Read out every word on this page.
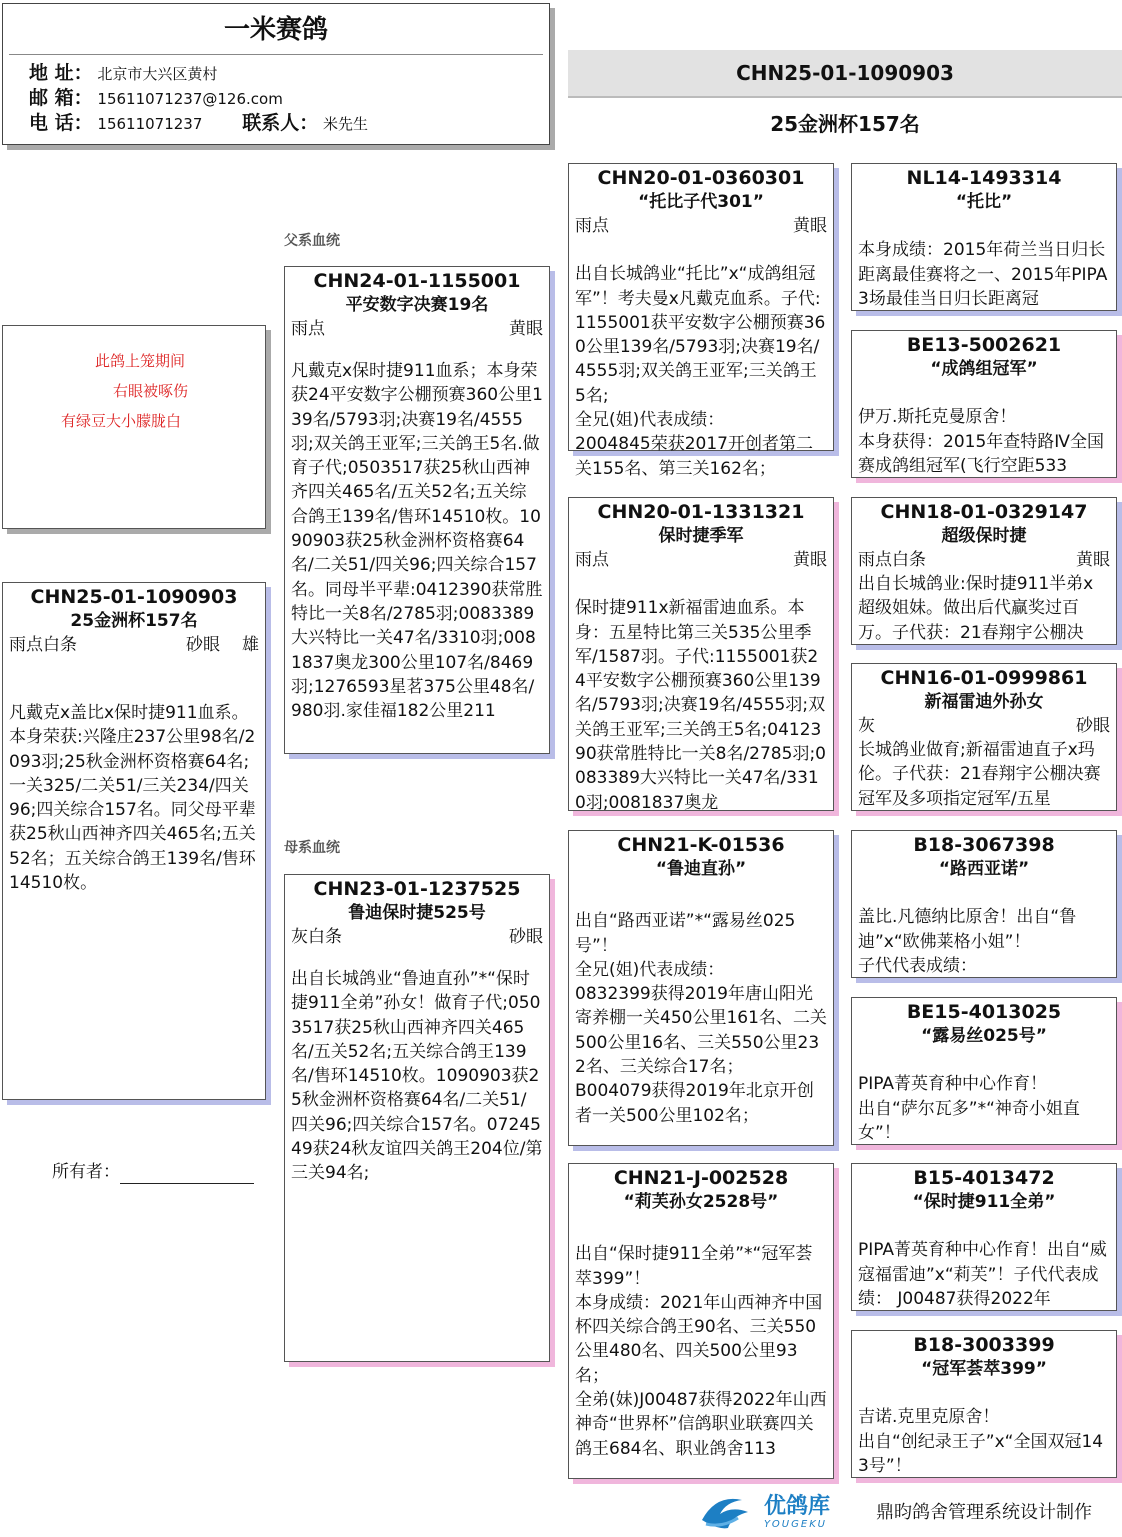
一米赛鸽
地 址： 北京市大兴区黄村
邮 箱： 15611071237@126.com
电 话： 15611071237 联系人： 米先生
CHN25-01-1090903
25金洲杯157名
此鸽上笼期间
右眼被啄伤
有绿豆大小朦胧白
CHN25-01-1090903
25金洲杯157名
雨点白条	砂眼 雄
凡戴克x盖比x保时捷911血系。本身荣获:兴隆庄237公里98名/2093羽;25秋金洲杯资格赛64名;一关325/二关51/三关234/四关96;四关综合157名。同父母平辈获25秋山西神齐四关465名;五关52名；五关综合鸽王139名/售环14510枚。
所有者：
父系血统
母系血统
CHN24-01-1155001
平安数字决赛19名
雨点	黄眼
凡戴克x保时捷911血系；本身荣获24平安数字公棚预赛360公里139名/5793羽;决赛19名/4555羽;双关鸽王亚军;三关鸽王5名.做育子代;0503517获25秋山西神齐四关465名/五关52名;五关综合鸽王139名/售环14510枚。1090903获25秋金洲杯资格赛64名/二关51/四关96;四关综合157名。同母半平辈:0412390获常胜特比一关8名/2785羽;0083389大兴特比一关47名/3310羽;0081837奥龙300公里107名/8469羽;1276593星茗375公里48名/980羽.家佳福182公里211
CHN23-01-1237525
鲁迪保时捷525号
灰白条	砂眼
出自长城鸽业“鲁迪直孙”*“保时捷911全弟”孙女！做育子代;0503517获25秋山西神齐四关465名/五关52名;五关综合鸽王139名/售环14510枚。1090903获25秋金洲杯资格赛64名/二关51/四关96;四关综合157名。0724549获24秋友谊四关鸽王204位/第三关94名;
CHN20-01-0360301
“托比子代301”
雨点	黄眼

出自长城鸽业“托比”x“成鸽组冠军”！考夫曼x凡戴克血系。子代:1155001获平安数字公棚预赛360公里139名/5793羽;决赛19名/4555羽;双关鸽王亚军;三关鸽王5名;
全兄(姐)代表成绩：
2004845荣获2017开创者第二关155名、第三关162名；
CHN20-01-1331321
保时捷季军
雨点	黄眼

保时捷911x新福雷迪血系。本身：五星特比第三关535公里季军/1587羽。子代:1155001获24平安数字公棚预赛360公里139名/5793羽;决赛19名/4555羽;双关鸽王亚军;三关鸽王5名;0412390获常胜特比一关8名/2785羽;0083389大兴特比一关47名/3310羽;0081837奥龙
CHN21-K-01536
“鲁迪直孙”

出自“路西亚诺”*“露易丝025号”！
全兄(姐)代表成绩：
0832399获得2019年唐山阳光寄养棚一关450公里161名、二关500公里16名、三关550公里232名、三关综合17名；
B004079获得2019年北京开创者一关500公里102名；
CHN21-J-002528
“莉芙孙女2528号”

出自“保时捷911全弟”*“冠军荟萃399”！
本身成绩：2021年山西神齐中国杯四关综合鸽王90名、三关550公里480名、四关500公里93名；
全弟(妹)J00487获得2022年山西神奇“世界杯”信鸽职业联赛四关鸽王684名、职业鸽舍113
NL14-1493314
“托比”

本身成绩：2015年荷兰当日归长距离最佳赛将之一、2015年PIPA3场最佳当日归长距离冠
BE13-5002621
“成鸽组冠军”

伊万.斯托克曼原舍！
本身获得：2015年查特路Ⅳ全国赛成鸽组冠军(飞行空距533
CHN18-01-0329147
超级保时捷
雨点白条	黄眼
出自长城鸽业:保时捷911半弟x超级姐妹。做出后代赢奖过百万。子代获：21春翔宇公棚决
CHN16-01-0999861
新福雷迪外孙女
灰	砂眼
长城鸽业做育;新福雷迪直子x玛伦。子代获：21春翔宇公棚决赛冠军及多项指定冠军/五星
B18-3067398
“路西亚诺”

盖比.凡德纳比原舍！出自“鲁迪”x“欧佛莱格小姐”！
子代代表成绩：
BE15-4013025
“露易丝025号”

PIPA菁英育种中心作育！
出自“萨尔瓦多”*“神奇小姐直女”！
B15-4013472
“保时捷911全弟”

PIPA菁英育种中心作育！出自“威寇福雷迪”x“莉芙”！子代代表成绩： J00487获得2022年
B18-3003399
“冠军荟萃399”

吉诺.克里克原舍！
出自“创纪录王子”x“全国双冠143号”！
优鸽库
YOUGEKU
鼎昀鸽舍管理系统设计制作
